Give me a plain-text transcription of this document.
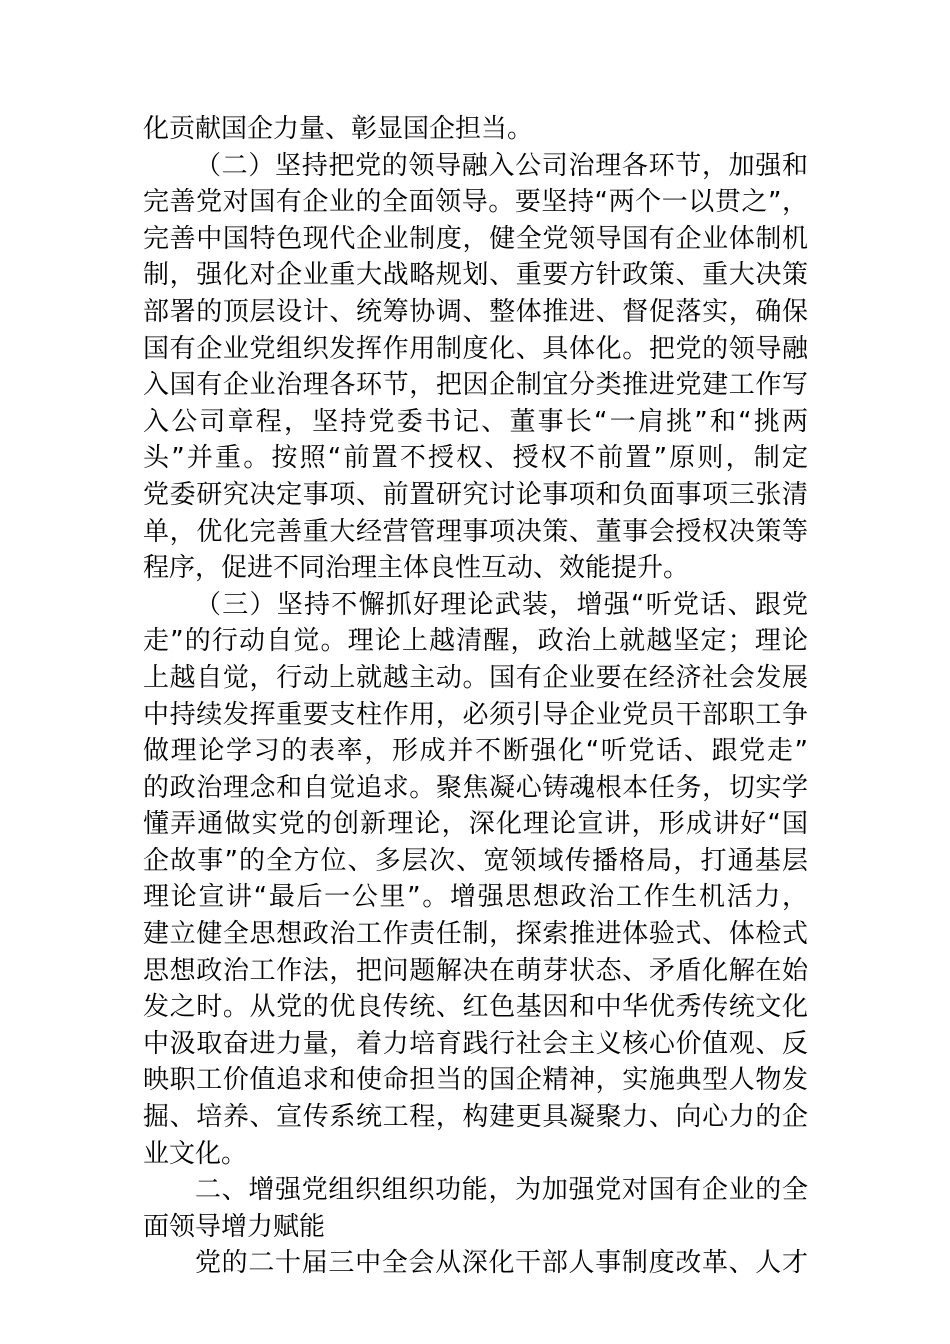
化贡献国企力量、彰显国企担当。
（二）坚持把党的领导融入公司治理各环节，加强和
完善党对国有企业的全面领导。要坚持“两个一以贯之”，
完善中国特色现代企业制度，健全党领导国有企业体制机
制，强化对企业重大战略规划、重要方针政策、重大决策
部署的顶层设计、统筹协调、整体推进、督促落实，确保
国有企业党组织发挥作用制度化、具体化。把党的领导融
入国有企业治理各环节，把因企制宜分类推进党建工作写
入公司章程，坚持党委书记、董事长“一肩挑”和“挑两
头”并重。按照“前置不授权、授权不前置”原则，制定
党委研究决定事项、前置研究讨论事项和负面事项三张清
单，优化完善重大经营管理事项决策、董事会授权决策等
程序，促进不同治理主体良性互动、效能提升。
（三）坚持不懈抓好理论武装，增强“听党话、跟党
走”的行动自觉。理论上越清醒，政治上就越坚定；理论
上越自觉，行动上就越主动。国有企业要在经济社会发展
中持续发挥重要支柱作用，必须引导企业党员干部职工争
做理论学习的表率，形成并不断强化“听党话、跟党走”
的政治理念和自觉追求。聚焦凝心铸魂根本任务，切实学
懂弄通做实党的创新理论，深化理论宣讲，形成讲好“国
企故事”的全方位、多层次、宽领域传播格局，打通基层
理论宣讲“最后一公里”。增强思想政治工作生机活力，
建立健全思想政治工作责任制，探索推进体验式、体检式
思想政治工作法，把问题解决在萌芽状态、矛盾化解在始
发之时。从党的优良传统、红色基因和中华优秀传统文化
中汲取奋进力量，着力培育践行社会主义核心价值观、反
映职工价值追求和使命担当的国企精神，实施典型人物发
掘、培养、宣传系统工程，构建更具凝聚力、向心力的企
业文化。
二、增强党组织组织功能，为加强党对国有企业的全
面领导增力赋能
党的二十届三中全会从深化干部人事制度改革、人才
